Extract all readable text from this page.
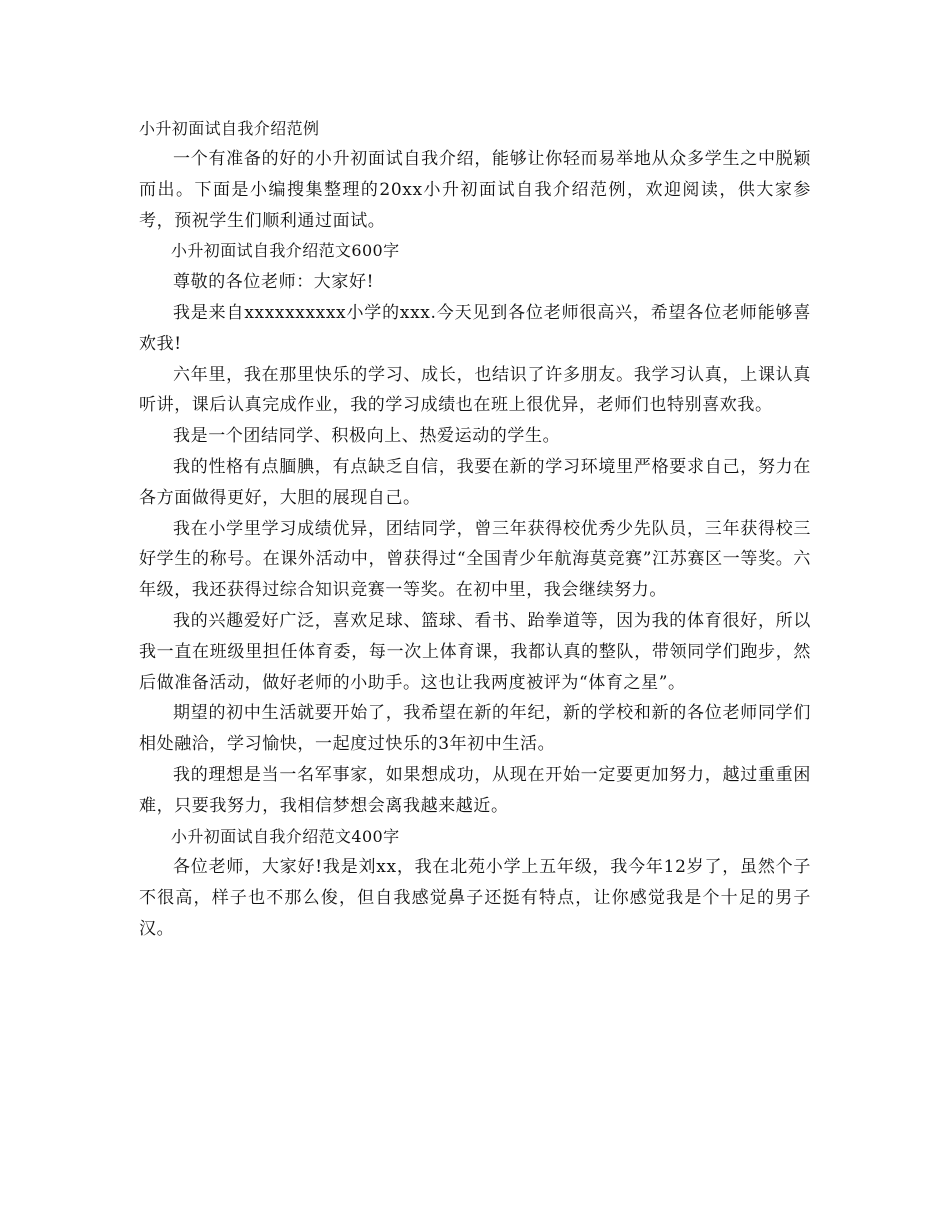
小升初面试自我介绍范例

一个有准备的好的小升初面试自我介绍，能够让你轻而易举地从众多学生之中脱颖而出。下面是小编搜集整理的20xx小升初面试自我介绍范例，欢迎阅读，供大家参考，预祝学生们顺利通过面试。

小升初面试自我介绍范文600字

尊敬的各位老师：大家好!

我是来自xxxxxxxxxx小学的xxx.今天见到各位老师很高兴，希望各位老师能够喜欢我!

六年里，我在那里快乐的学习、成长，也结识了许多朋友。我学习认真，上课认真听讲，课后认真完成作业，我的学习成绩也在班上很优异，老师们也特别喜欢我。

我是一个团结同学、积极向上、热爱运动的学生。

我的性格有点腼腆，有点缺乏自信，我要在新的学习环境里严格要求自己，努力在各方面做得更好，大胆的展现自己。

我在小学里学习成绩优异，团结同学，曾三年获得校优秀少先队员，三年获得校三好学生的称号。在课外活动中，曾获得过“全国青少年航海莫竞赛”江苏赛区一等奖。六年级，我还获得过综合知识竞赛一等奖。在初中里，我会继续努力。

我的兴趣爱好广泛，喜欢足球、篮球、看书、跆拳道等，因为我的体育很好，所以我一直在班级里担任体育委，每一次上体育课，我都认真的整队，带领同学们跑步，然后做准备活动，做好老师的小助手。这也让我两度被评为“体育之星”。

期望的初中生活就要开始了，我希望在新的年纪，新的学校和新的各位老师同学们相处融洽，学习愉快，一起度过快乐的3年初中生活。

我的理想是当一名军事家，如果想成功，从现在开始一定要更加努力，越过重重困难，只要我努力，我相信梦想会离我越来越近。

小升初面试自我介绍范文400字

各位老师，大家好!我是刘xx，我在北苑小学上五年级，我今年12岁了，虽然个子不很高，样子也不那么俊，但自我感觉鼻子还挺有特点，让你感觉我是个十足的男子汉。
